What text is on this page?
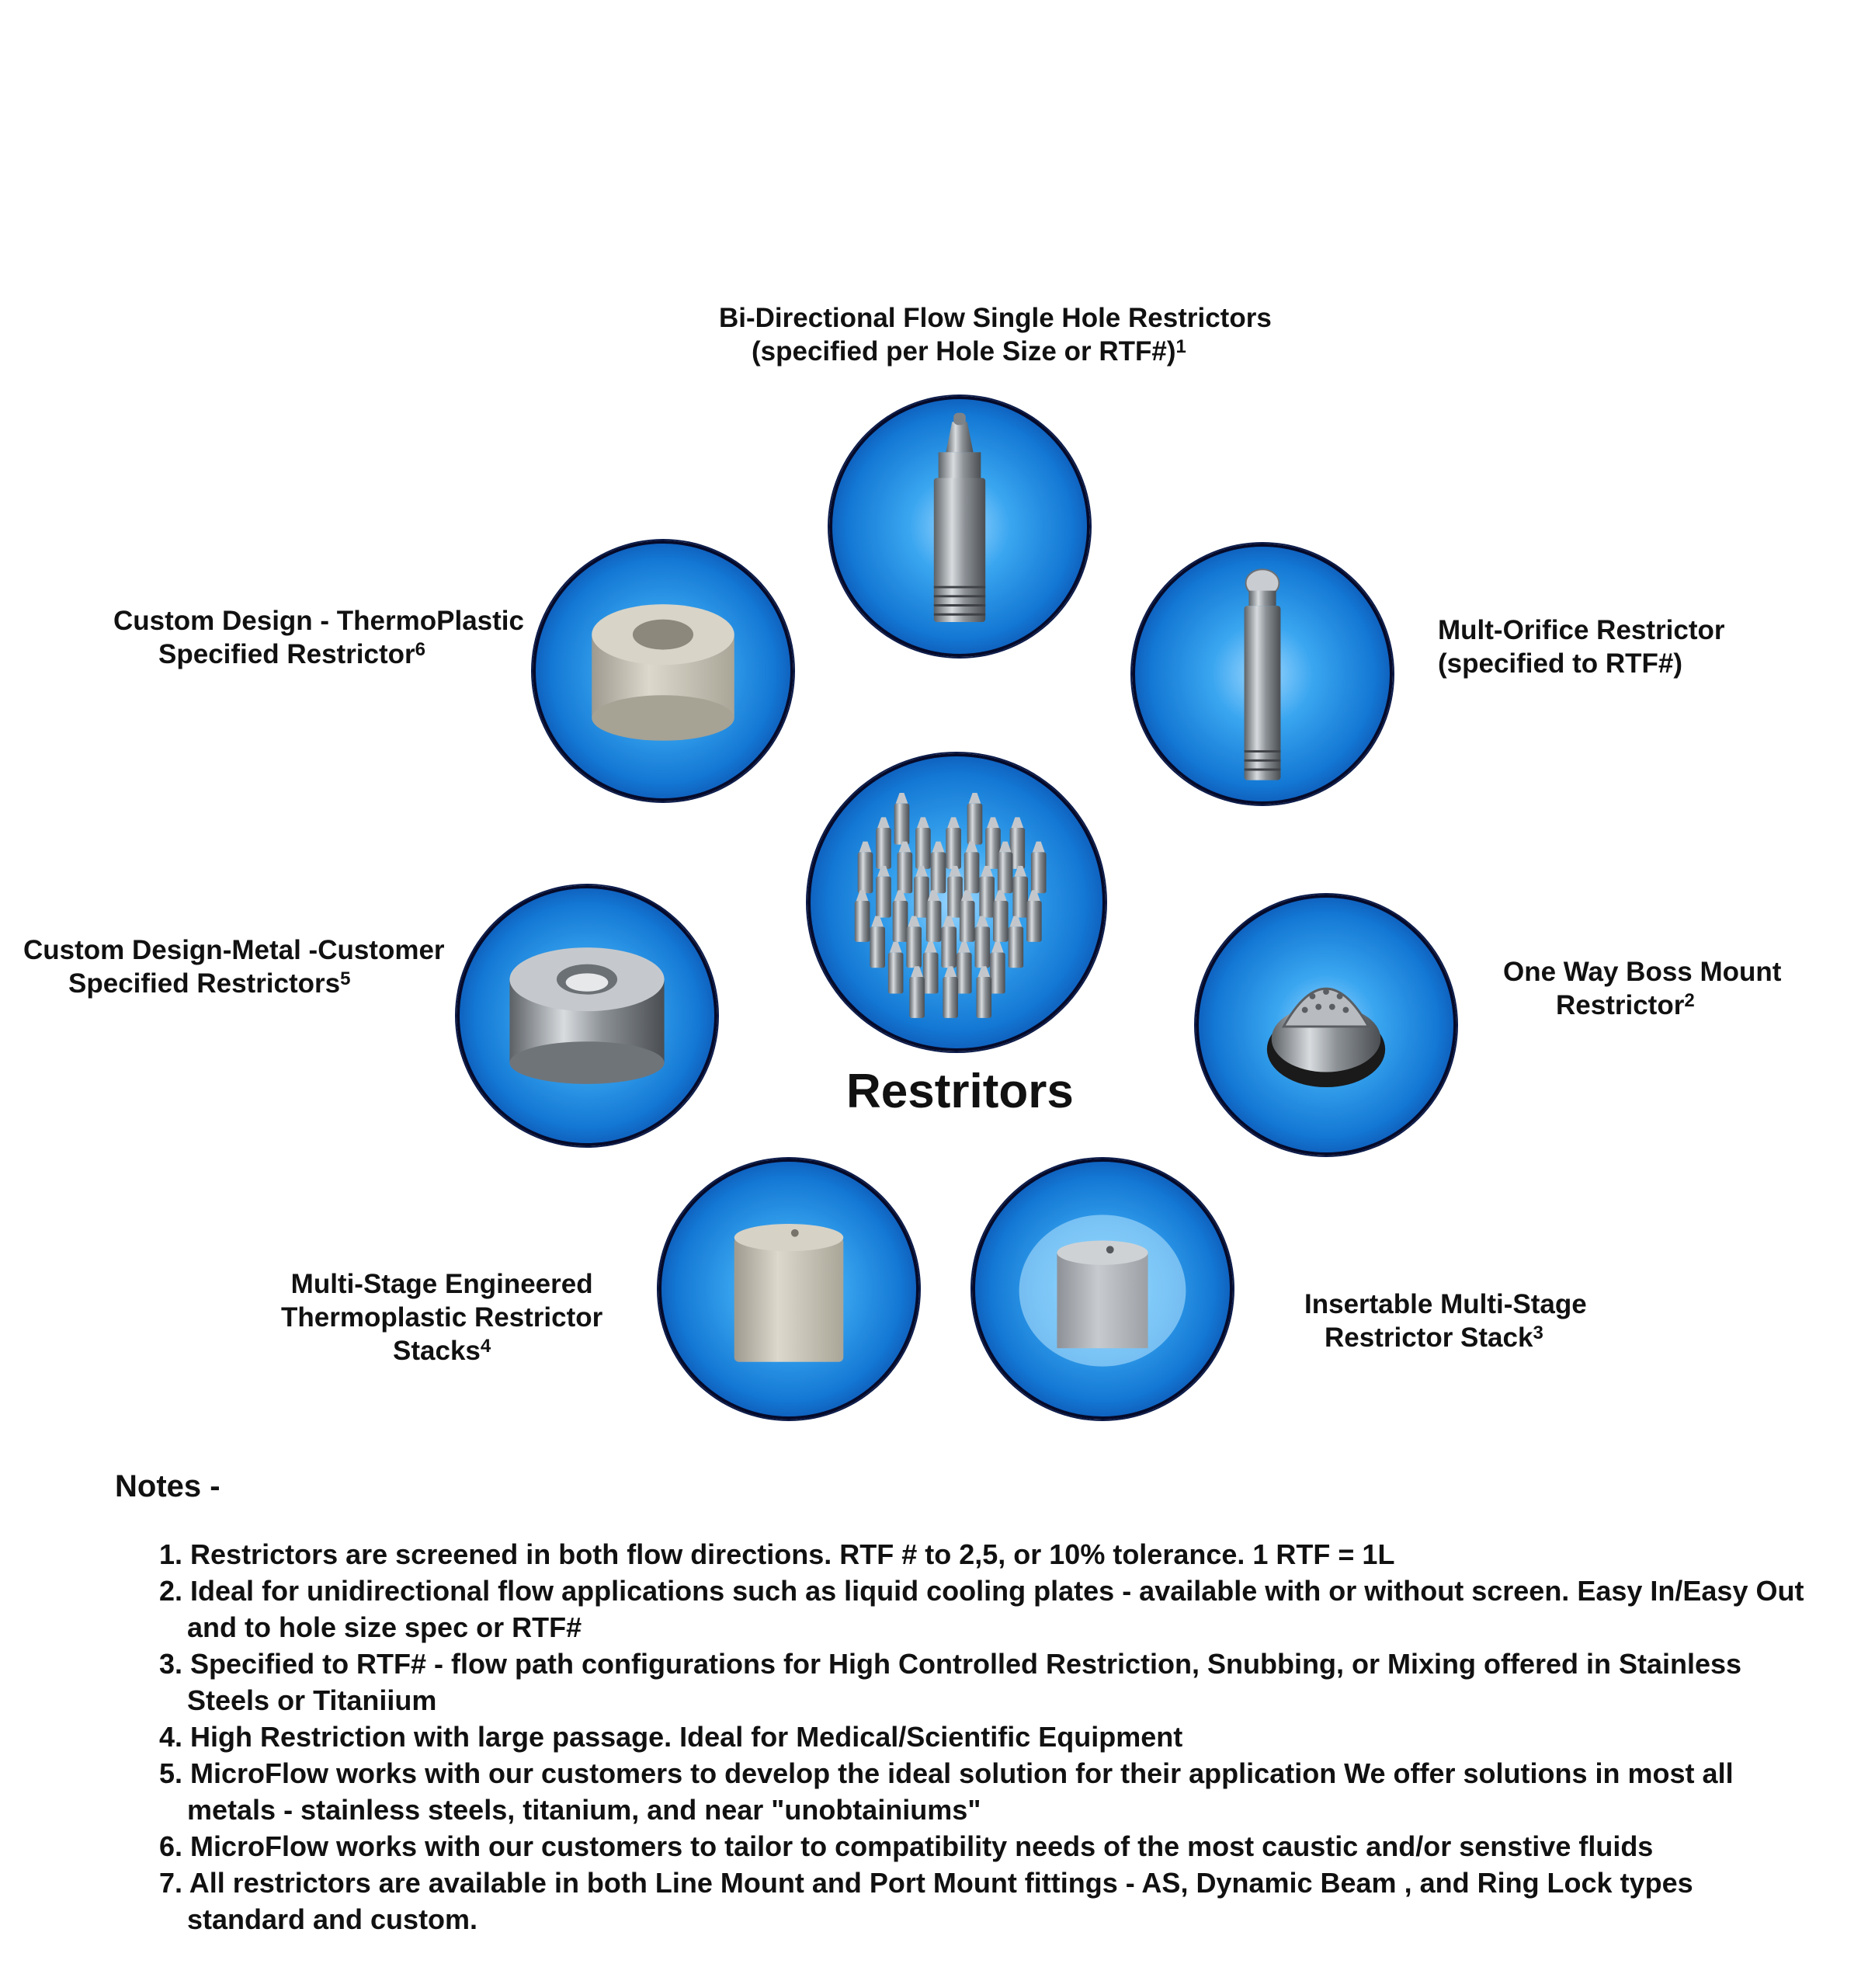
Bi-Directional Flow Single Hole Restrictors
(specified per Hole Size or RTF#)$^1$
Mult-Orifice Restrictor
(specified to RTF#)
One Way Boss Mount
Restrictor$^2$
Insertable Multi-Stage
Restrictor Stack$^3$
Multi-Stage Engineered
Thermoplastic Restrictor
Stacks$^4$
Custom Design-Metal -Customer
Specified Restrictors$^5$
Custom Design - ThermoPlastic
Specified Restrictor$^6$
Restritors
Notes -
1. Restrictors are screened in both flow directions. RTF # to 2,5, or 10% tolerance. 1 RTF = 1L
2. Ideal for unidirectional flow applications such as liquid cooling plates - available with or without screen. Easy In/Easy Out and to hole size spec or RTF#
3. Specified to RTF# - flow path configurations for High Controlled Restriction, Snubbing, or Mixing offered in Stainless Steels or Titaniium
4. High Restriction with large passage. Ideal for Medical/Scientific Equipment
5. MicroFlow works with our customers to develop the ideal solution for their application We offer solutions in most all metals - stainless steels, titanium, and near "unobtainiums"
6. MicroFlow works with our customers to tailor to compatibility needs of the most caustic and/or senstive fluids
7. All restrictors are available in both Line Mount and Port Mount fittings - AS, Dynamic Beam , and Ring Lock types standard and custom.
